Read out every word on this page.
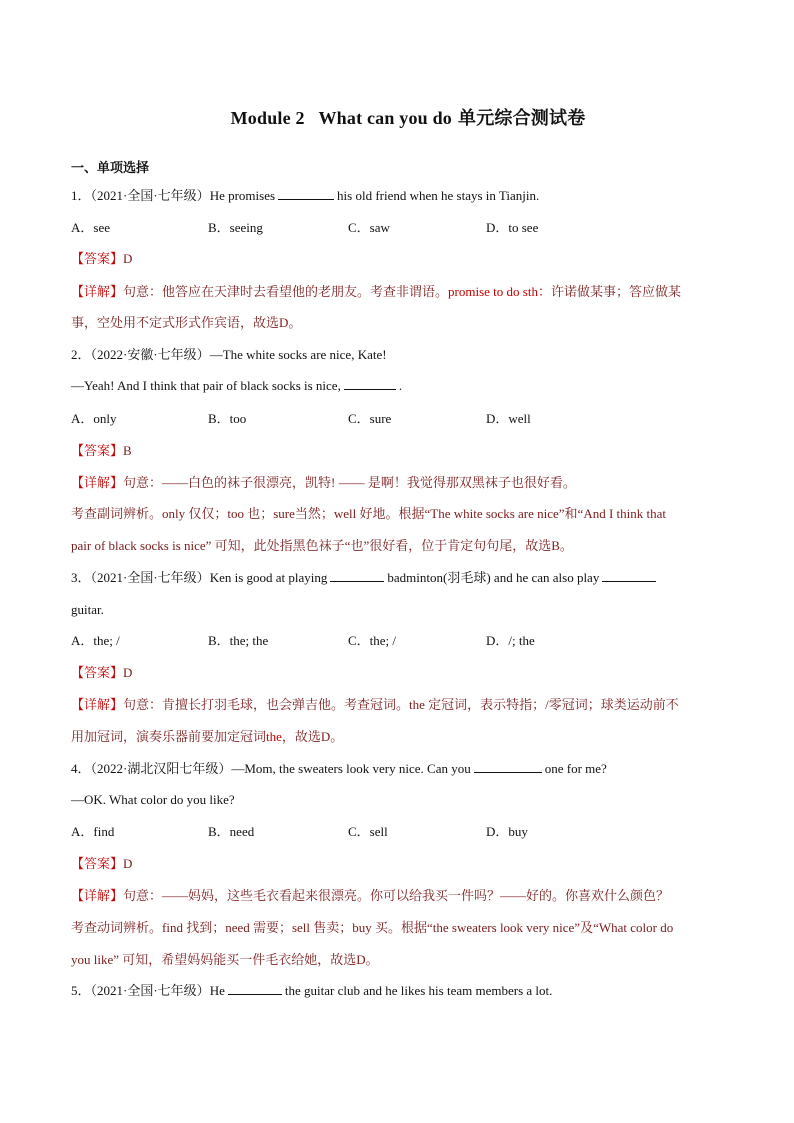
Module 2   What can you do 单元综合测试卷
一、单项选择
1．（2021·全国·七年级）He promises	his old friend when he stays in Tianjin.
A．see	B．seeing	C．saw	D．to see
【答案】D
【详解】句意：他答应在天津时去看望他的老朋友。考查非谓语。promise to do sth：许诺做某事；答应做某
事，空处用不定式形式作宾语，故选D。
2．（2022·安徽·七年级）—The white socks are nice, Kate!
—Yeah! And I think that pair of black socks is nice,	.
A．only	B．too	C．sure	D．well
【答案】B
【详解】句意：——白色的袜子很漂亮，凯特! —— 是啊！我觉得那双黑袜子也很好看。
考查副词辨析。only 仅仅；too 也；sure当然；well 好地。根据“The white socks are nice”和“And I think that
pair of black socks is nice” 可知，此处指黑色袜子“也”很好看，位于肯定句句尾，故选B。
3．（2021·全国·七年级）Ken is good at playing	badminton(羽毛球) and he can also play
guitar.
A．the; /	B．the; the	C．the; /	D．/; the
【答案】D
【详解】句意：肯擅长打羽毛球，也会弹吉他。考查冠词。the 定冠词，表示特指；/零冠词；球类运动前不
用加冠词，演奏乐器前要加定冠词the，故选D。
4．（2022·湖北汉阳七年级）—Mom, the sweaters look very nice. Can you	one for me?
—OK. What color do you like?
A．find	B．need	C．sell	D．buy
【答案】D
【详解】句意：——妈妈，这些毛衣看起来很漂亮。你可以给我买一件吗？——好的。你喜欢什么颜色？
考查动词辨析。find 找到；need 需要；sell 售卖；buy 买。根据“the sweaters look very nice”及“What color do
you like” 可知，希望妈妈能买一件毛衣给她，故选D。
5．（2021·全国·七年级）He	the guitar club and he likes his team members a lot.
